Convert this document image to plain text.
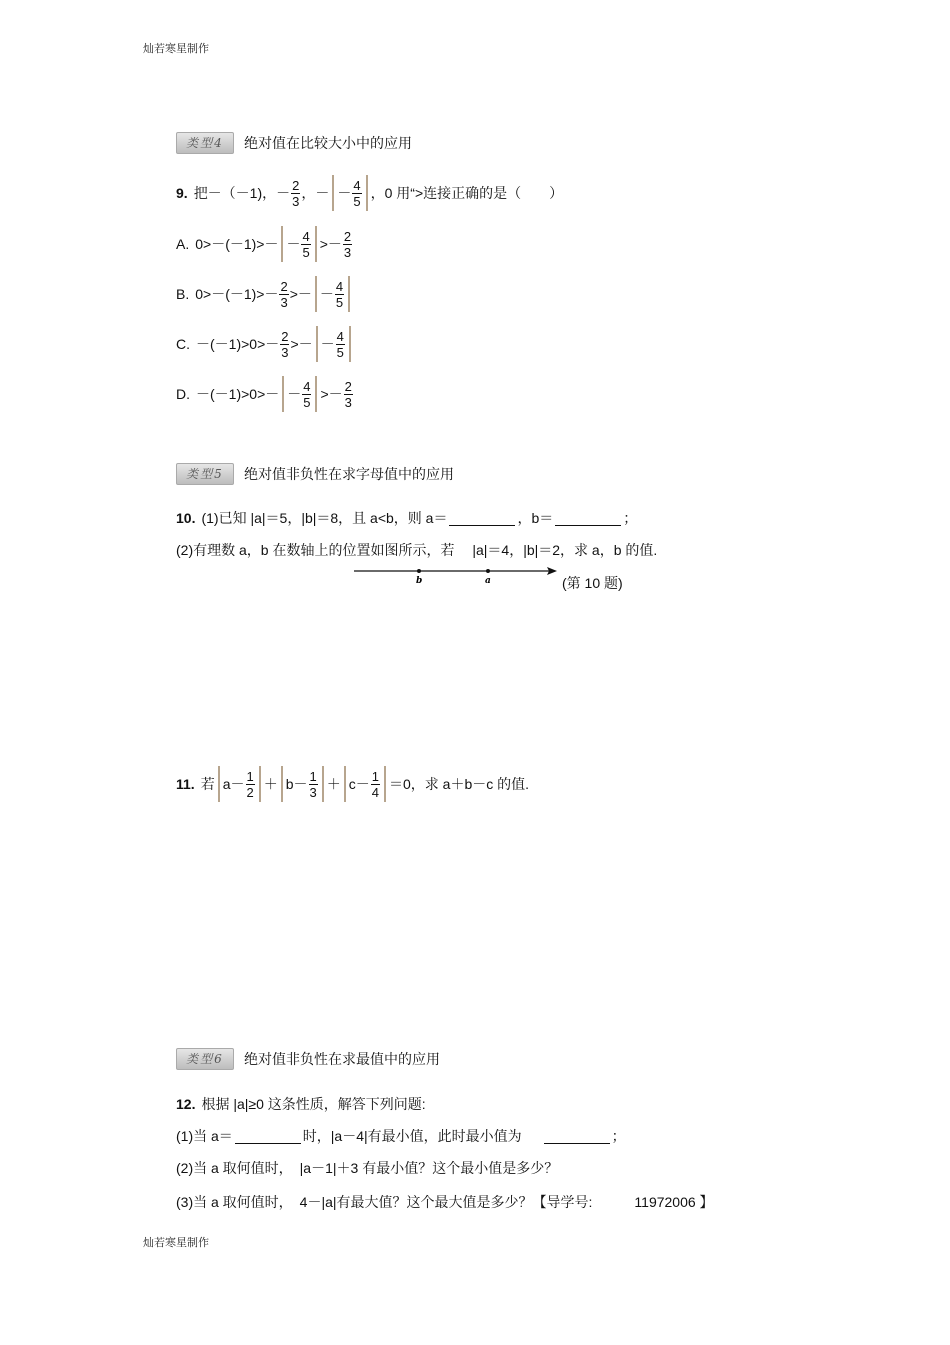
灿若寒星制作
类型4 绝对值在比较大小中的应用
9. 把－（－1)，－ $\frac{2}{3}$ ，－ － $\frac{4}{5}$ ，0 用“>连接正确的是（　　）
A. $0>-(-1)>- - \frac{4}{5} >- \frac{2}{3}$
B. $0>-(-1)>- \frac{2}{3}$ >－ － $\frac{4}{5}$
C. $-(-1)>0>- \frac{2}{3}$ >－ － $\frac{4}{5}$
D. $-(-1)>0>- - \frac{4}{5} >- \frac{2}{3}$
类型5 绝对值非负性在求字母值中的应用
10. (1)已知 |a|＝5，|b|＝8，且 a<b，则 a＝	，b＝	；
(2)有理数 a，b 在数轴上的位置如图所示，若 　|a|＝4，|b|＝2，求 a，b 的值.
b	a	(第 10 题)
11. 若 $a- \frac{1}{2} + b- \frac{1}{3} + c- \frac{1}{4} =0$，求 a＋b－c 的值.
类型6 绝对值非负性在求最值中的应用
12. 根据 |a|≥0 这条性质，解答下列问题:
(1)当 a＝	时，|a－4|有最小值，此时最小值为	；
(2)当 a 取何值时，　|a－1|＋3 有最小值？这个最小值是多少？
(3)当 a 取何值时，　4－|a|有最大值？这个最大值是多少？【导学号:　　　11972006 】
灿若寒星制作
